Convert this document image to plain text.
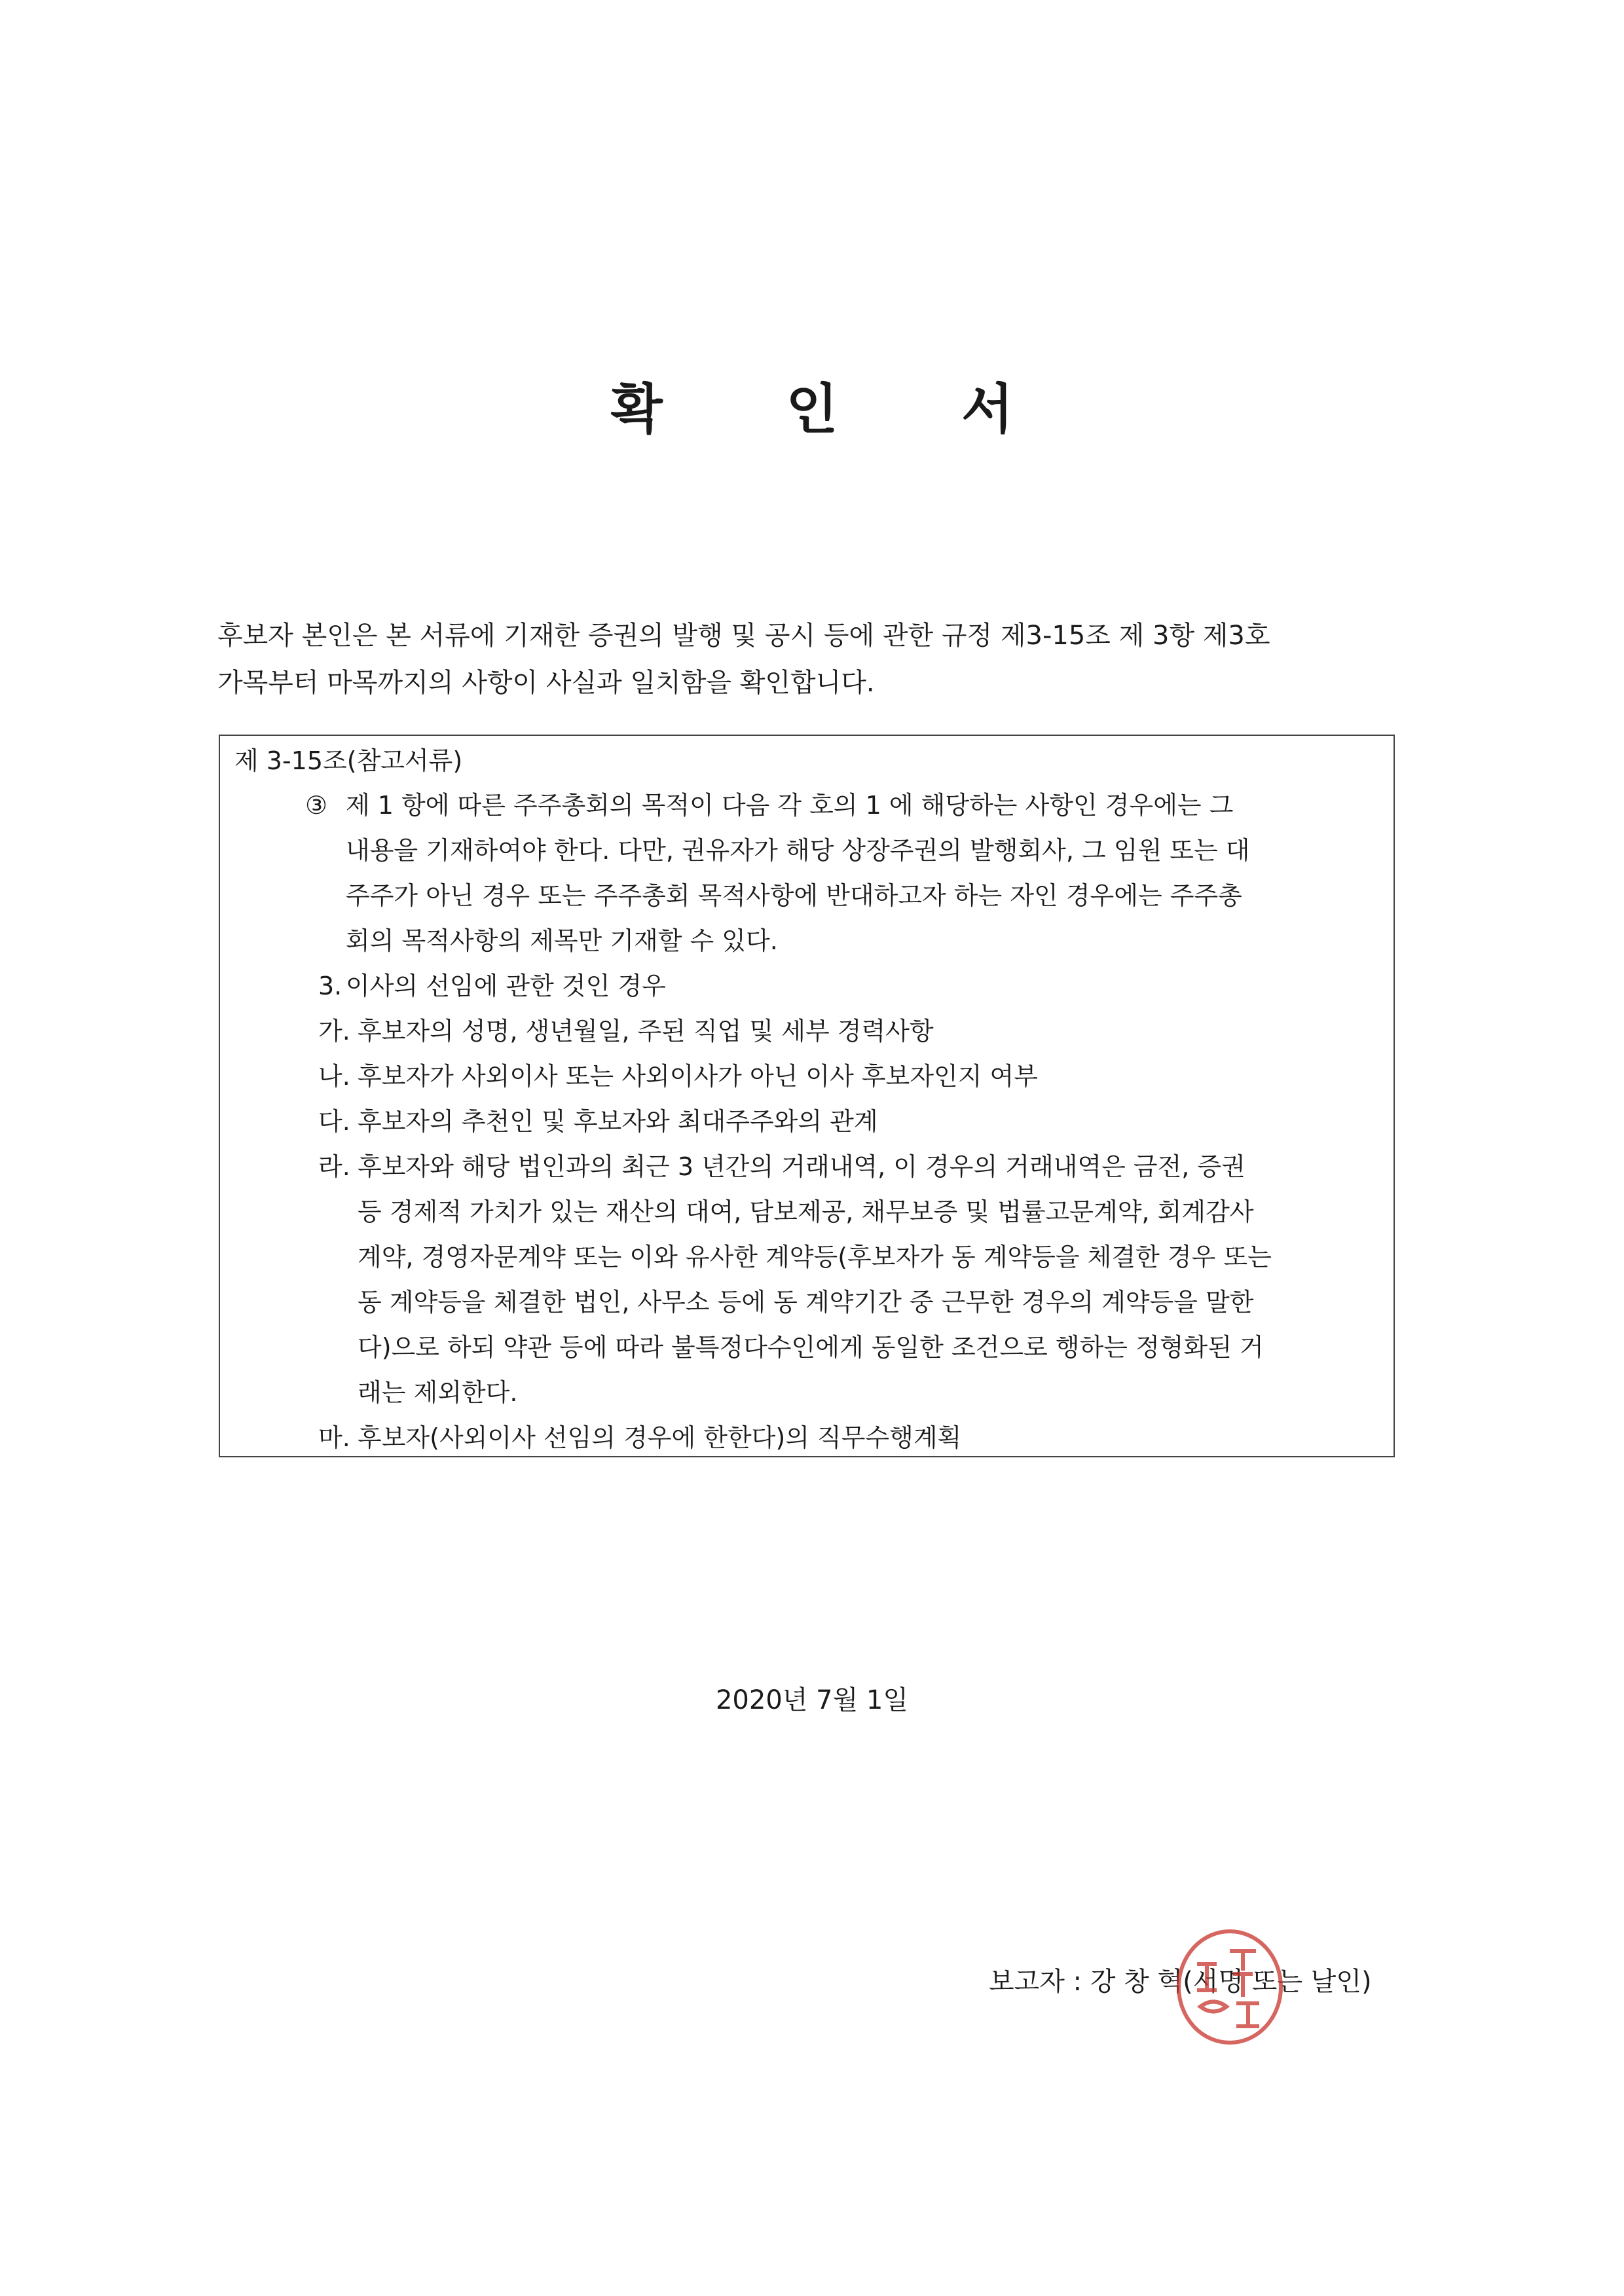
확 인 서
후보자 본인은 본 서류에 기재한 증권의 발행 및 공시 등에 관한 규정 제3-15조 제 3항 제3호
가목부터 마목까지의 사항이 사실과 일치함을 확인합니다.
제 3-15조(참고서류)
③ 제 1 항에 따른 주주총회의 목적이 다음 각 호의 1 에 해당하는 사항인 경우에는 그
내용을 기재하여야 한다. 다만, 권유자가 해당 상장주권의 발행회사, 그 임원 또는 대
주주가 아닌 경우 또는 주주총회 목적사항에 반대하고자 하는 자인 경우에는 주주총
회의 목적사항의 제목만 기재할 수 있다.
3. 이사의 선임에 관한 것인 경우
가. 후보자의 성명, 생년월일, 주된 직업 및 세부 경력사항
나. 후보자가 사외이사 또는 사외이사가 아닌 이사 후보자인지 여부
다. 후보자의 추천인 및 후보자와 최대주주와의 관계
라. 후보자와 해당 법인과의 최근 3 년간의 거래내역, 이 경우의 거래내역은 금전, 증권
등 경제적 가치가 있는 재산의 대여, 담보제공, 채무보증 및 법률고문계약, 회계감사
계약, 경영자문계약 또는 이와 유사한 계약등(후보자가 동 계약등을 체결한 경우 또는
동 계약등을 체결한 법인, 사무소 등에 동 계약기간 중 근무한 경우의 계약등을 말한
다)으로 하되 약관 등에 따라 불특정다수인에게 동일한 조건으로 행하는 정형화된 거
래는 제외한다.
마. 후보자(사외이사 선임의 경우에 한한다)의 직무수행계획
2020년 7월 1일
보고자 : 강 창 혁(서명 또는 날인)
